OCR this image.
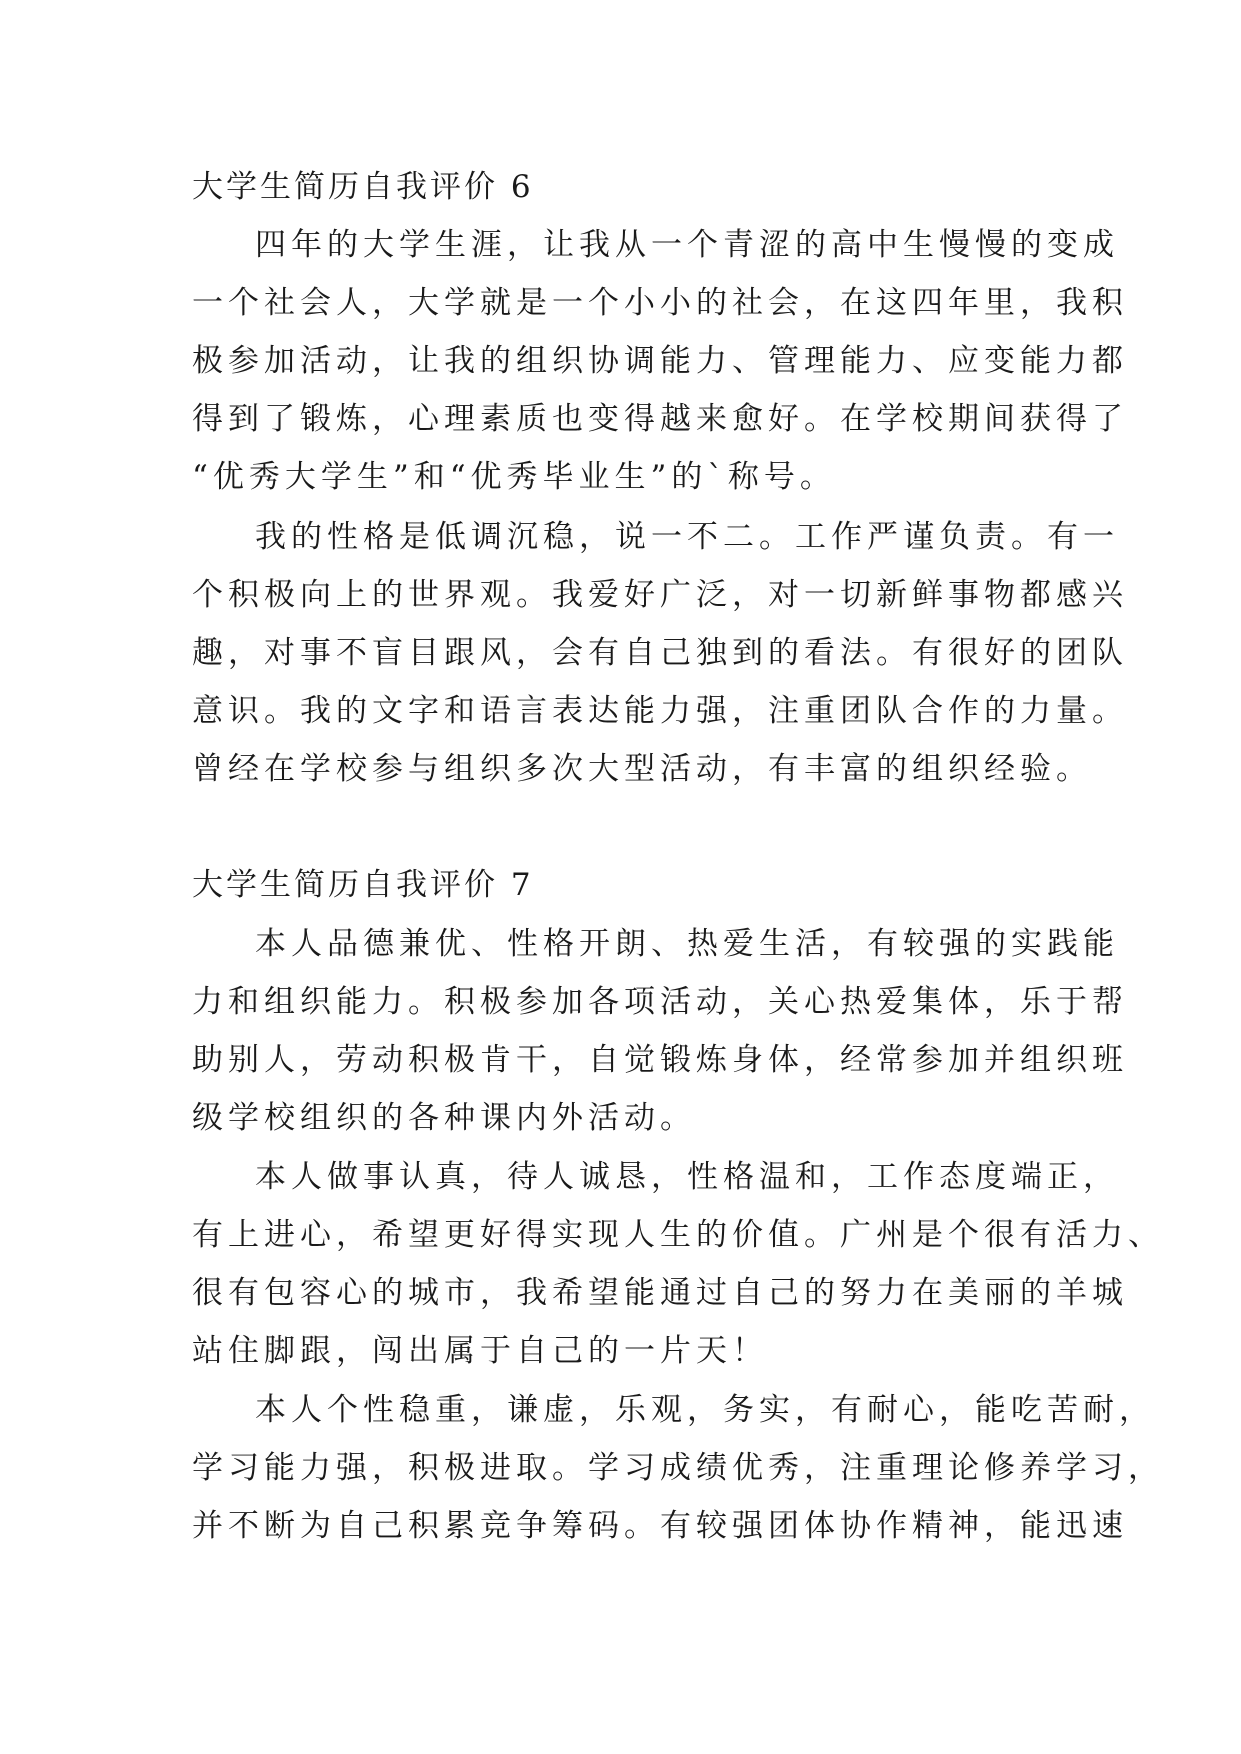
大学生简历自我评价 6
四年的大学生涯，让我从一个青涩的高中生慢慢的变成
一个社会人，大学就是一个小小的社会，在这四年里，我积
极参加活动，让我的组织协调能力、管理能力、应变能力都
得到了锻炼，心理素质也变得越来愈好。在学校期间获得了
“优秀大学生”和“优秀毕业生”的`称号。
我的性格是低调沉稳，说一不二。工作严谨负责。有一
个积极向上的世界观。我爱好广泛，对一切新鲜事物都感兴
趣，对事不盲目跟风，会有自己独到的看法。有很好的团队
意识。我的文字和语言表达能力强，注重团队合作的力量。
曾经在学校参与组织多次大型活动，有丰富的组织经验。
大学生简历自我评价 7
本人品德兼优、性格开朗、热爱生活，有较强的实践能
力和组织能力。积极参加各项活动，关心热爱集体，乐于帮
助别人，劳动积极肯干，自觉锻炼身体，经常参加并组织班
级学校组织的各种课内外活动。
本人做事认真，待人诚恳，性格温和，工作态度端正，
有上进心，希望更好得实现人生的价值。广州是个很有活力、
很有包容心的城市，我希望能通过自己的努力在美丽的羊城
站住脚跟，闯出属于自己的一片天！
本人个性稳重，谦虚，乐观，务实，有耐心，能吃苦耐，
学习能力强，积极进取。学习成绩优秀，注重理论修养学习，
并不断为自己积累竞争筹码。有较强团体协作精神，能迅速
